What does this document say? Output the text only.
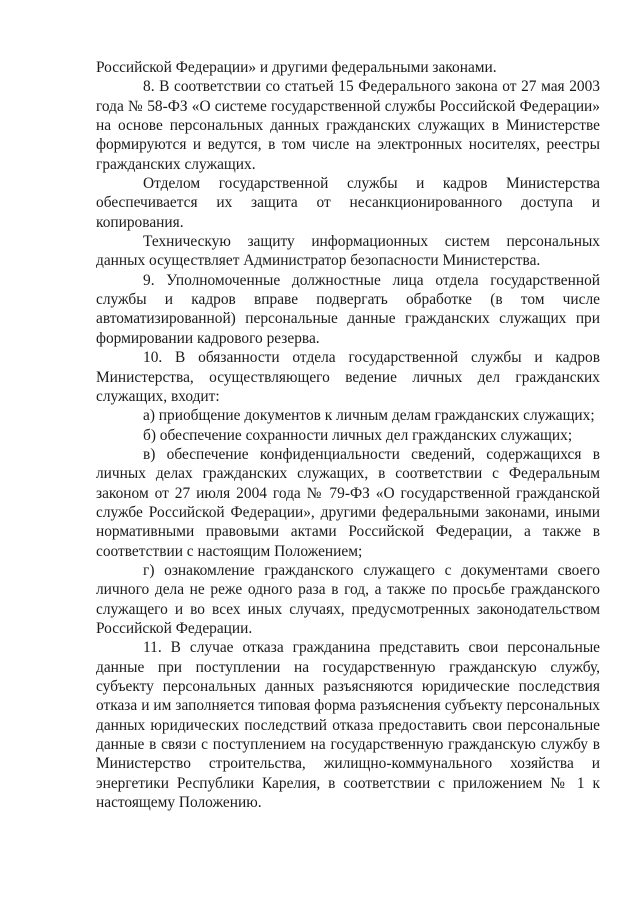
Российской Федерации» и другими федеральными законами.

8. В соответствии со статьей 15 Федерального закона от 27 мая 2003 года № 58-ФЗ «О системе государственной службы Российской Федерации» на основе персональных данных гражданских служащих в Министерстве формируются и ведутся, в том числе на электронных носителях, реестры гражданских служащих.

Отделом государственной службы и кадров Министерства обеспечивается их защита от несанкционированного доступа и копирования.

Техническую защиту информационных систем персональных данных осуществляет Администратор безопасности Министерства.

9. Уполномоченные должностные лица отдела государственной службы и кадров вправе подвергать обработке (в том числе автоматизированной) персональные данные гражданских служащих при формировании кадрового резерва.

10. В обязанности отдела государственной службы и кадров Министерства, осуществляющего ведение личных дел гражданских служащих, входит:

а) приобщение документов к личным делам гражданских служащих;

б) обеспечение сохранности личных дел гражданских служащих;

в) обеспечение конфиденциальности сведений, содержащихся в личных делах гражданских служащих, в соответствии с Федеральным законом от 27 июля 2004 года № 79-ФЗ «О государственной гражданской службе Российской Федерации», другими федеральными законами, иными нормативными правовыми актами Российской Федерации, а также в соответствии с настоящим Положением;

г) ознакомление гражданского служащего с документами своего личного дела не реже одного раза в год, а также по просьбе гражданского служащего и во всех иных случаях, предусмотренных законодательством Российской Федерации.

11. В случае отказа гражданина представить свои персональные данные при поступлении на государственную гражданскую службу, субъекту персональных данных разъясняются юридические последствия отказа и им заполняется типовая форма разъяснения субъекту персональных данных юридических последствий отказа предоставить свои персональные данные в связи с поступлением на государственную гражданскую службу в Министерство строительства, жилищно-коммунального хозяйства и энергетики Республики Карелия, в соответствии с приложением № 1 к настоящему Положению.
